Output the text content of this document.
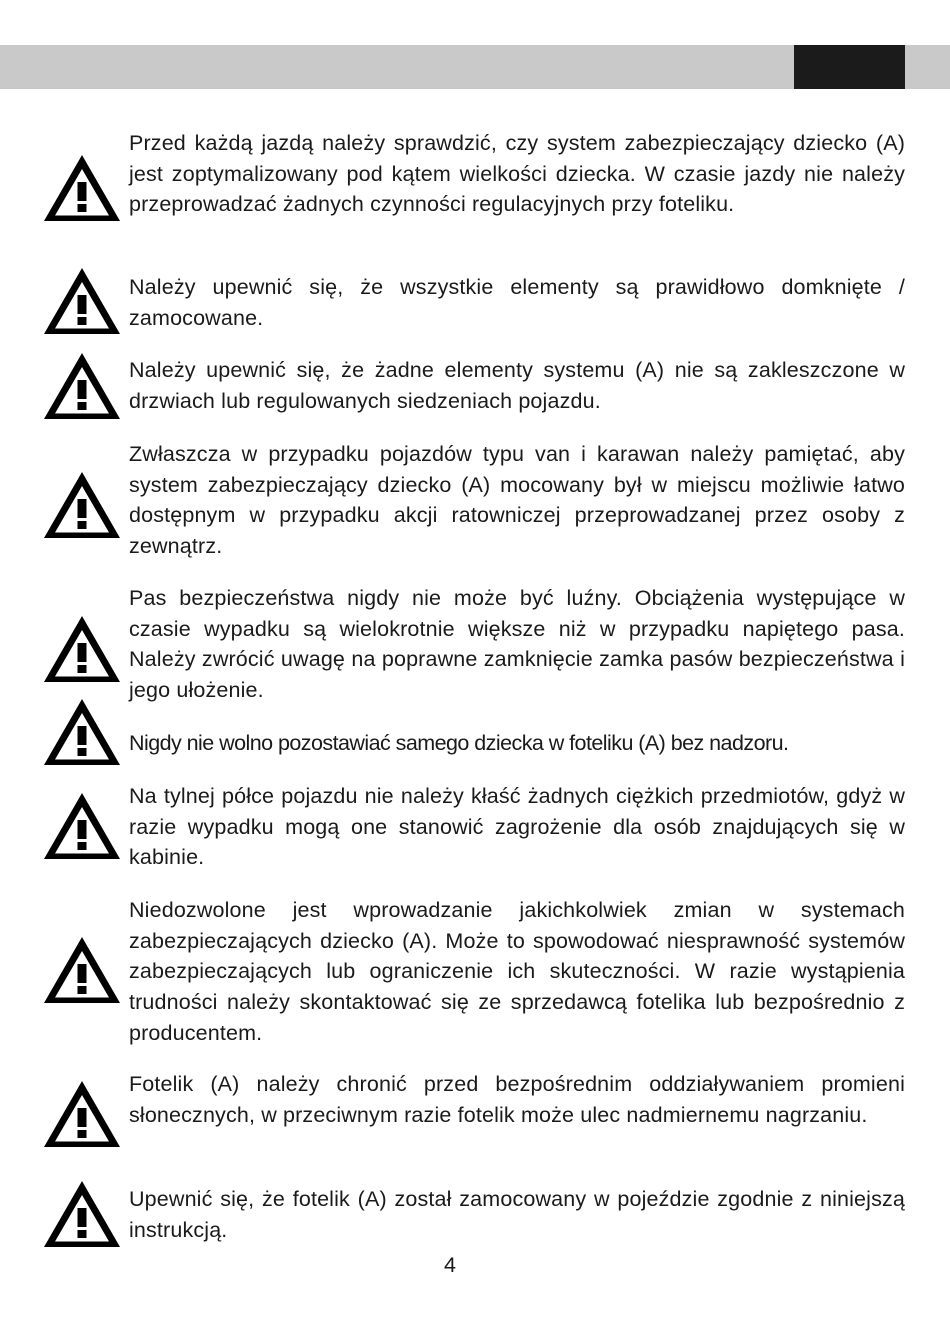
Przed każdą jazdą należy sprawdzić, czy system zabezpieczający dziecko (A) jest zoptymalizowany pod kątem wielkości dziecka. W czasie jazdy nie należy przeprowadzać żadnych czynności regulacyjnych przy foteliku.

Należy upewnić się, że wszystkie elementy są prawidłowo domknięte / zamocowane.

Należy upewnić się, że żadne elementy systemu (A) nie są zakleszczone w drzwiach lub regulowanych siedzeniach pojazdu.

Zwłaszcza w przypadku pojazdów typu van i karawan należy pamiętać, aby system zabezpieczający dziecko (A) mocowany był w miejscu możliwie łatwo dostępnym w przypadku akcji ratowniczej przeprowadzanej przez osoby z zewnątrz.

Pas bezpieczeństwa nigdy nie może być luźny. Obciążenia występujące w czasie wypadku są wielokrotnie większe niż w przypadku napiętego pasa. Należy zwrócić uwagę na poprawne zamknięcie zamka pasów bezpieczeństwa i jego ułożenie.

Nigdy nie wolno pozostawiać samego dziecka w foteliku (A) bez nadzoru.

Na tylnej półce pojazdu nie należy kłaść żadnych ciężkich przedmiotów, gdyż w razie wypadku mogą one stanowić zagrożenie dla osób znajdujących się w kabinie.

Niedozwolone jest wprowadzanie jakichkolwiek zmian w systemach zabezpieczających dziecko (A). Może to spowodować niesprawność systemów zabezpieczających lub ograniczenie ich skuteczności. W razie wystąpienia trudności należy skontaktować się ze sprzedawcą fotelika lub bezpośrednio z producentem.

Fotelik (A) należy chronić przed bezpośrednim oddziaływaniem promieni słonecznych, w przeciwnym razie fotelik może ulec nadmiernemu nagrzaniu.

Upewnić się, że fotelik (A) został zamocowany w pojeździe zgodnie z niniejszą instrukcją.

4
